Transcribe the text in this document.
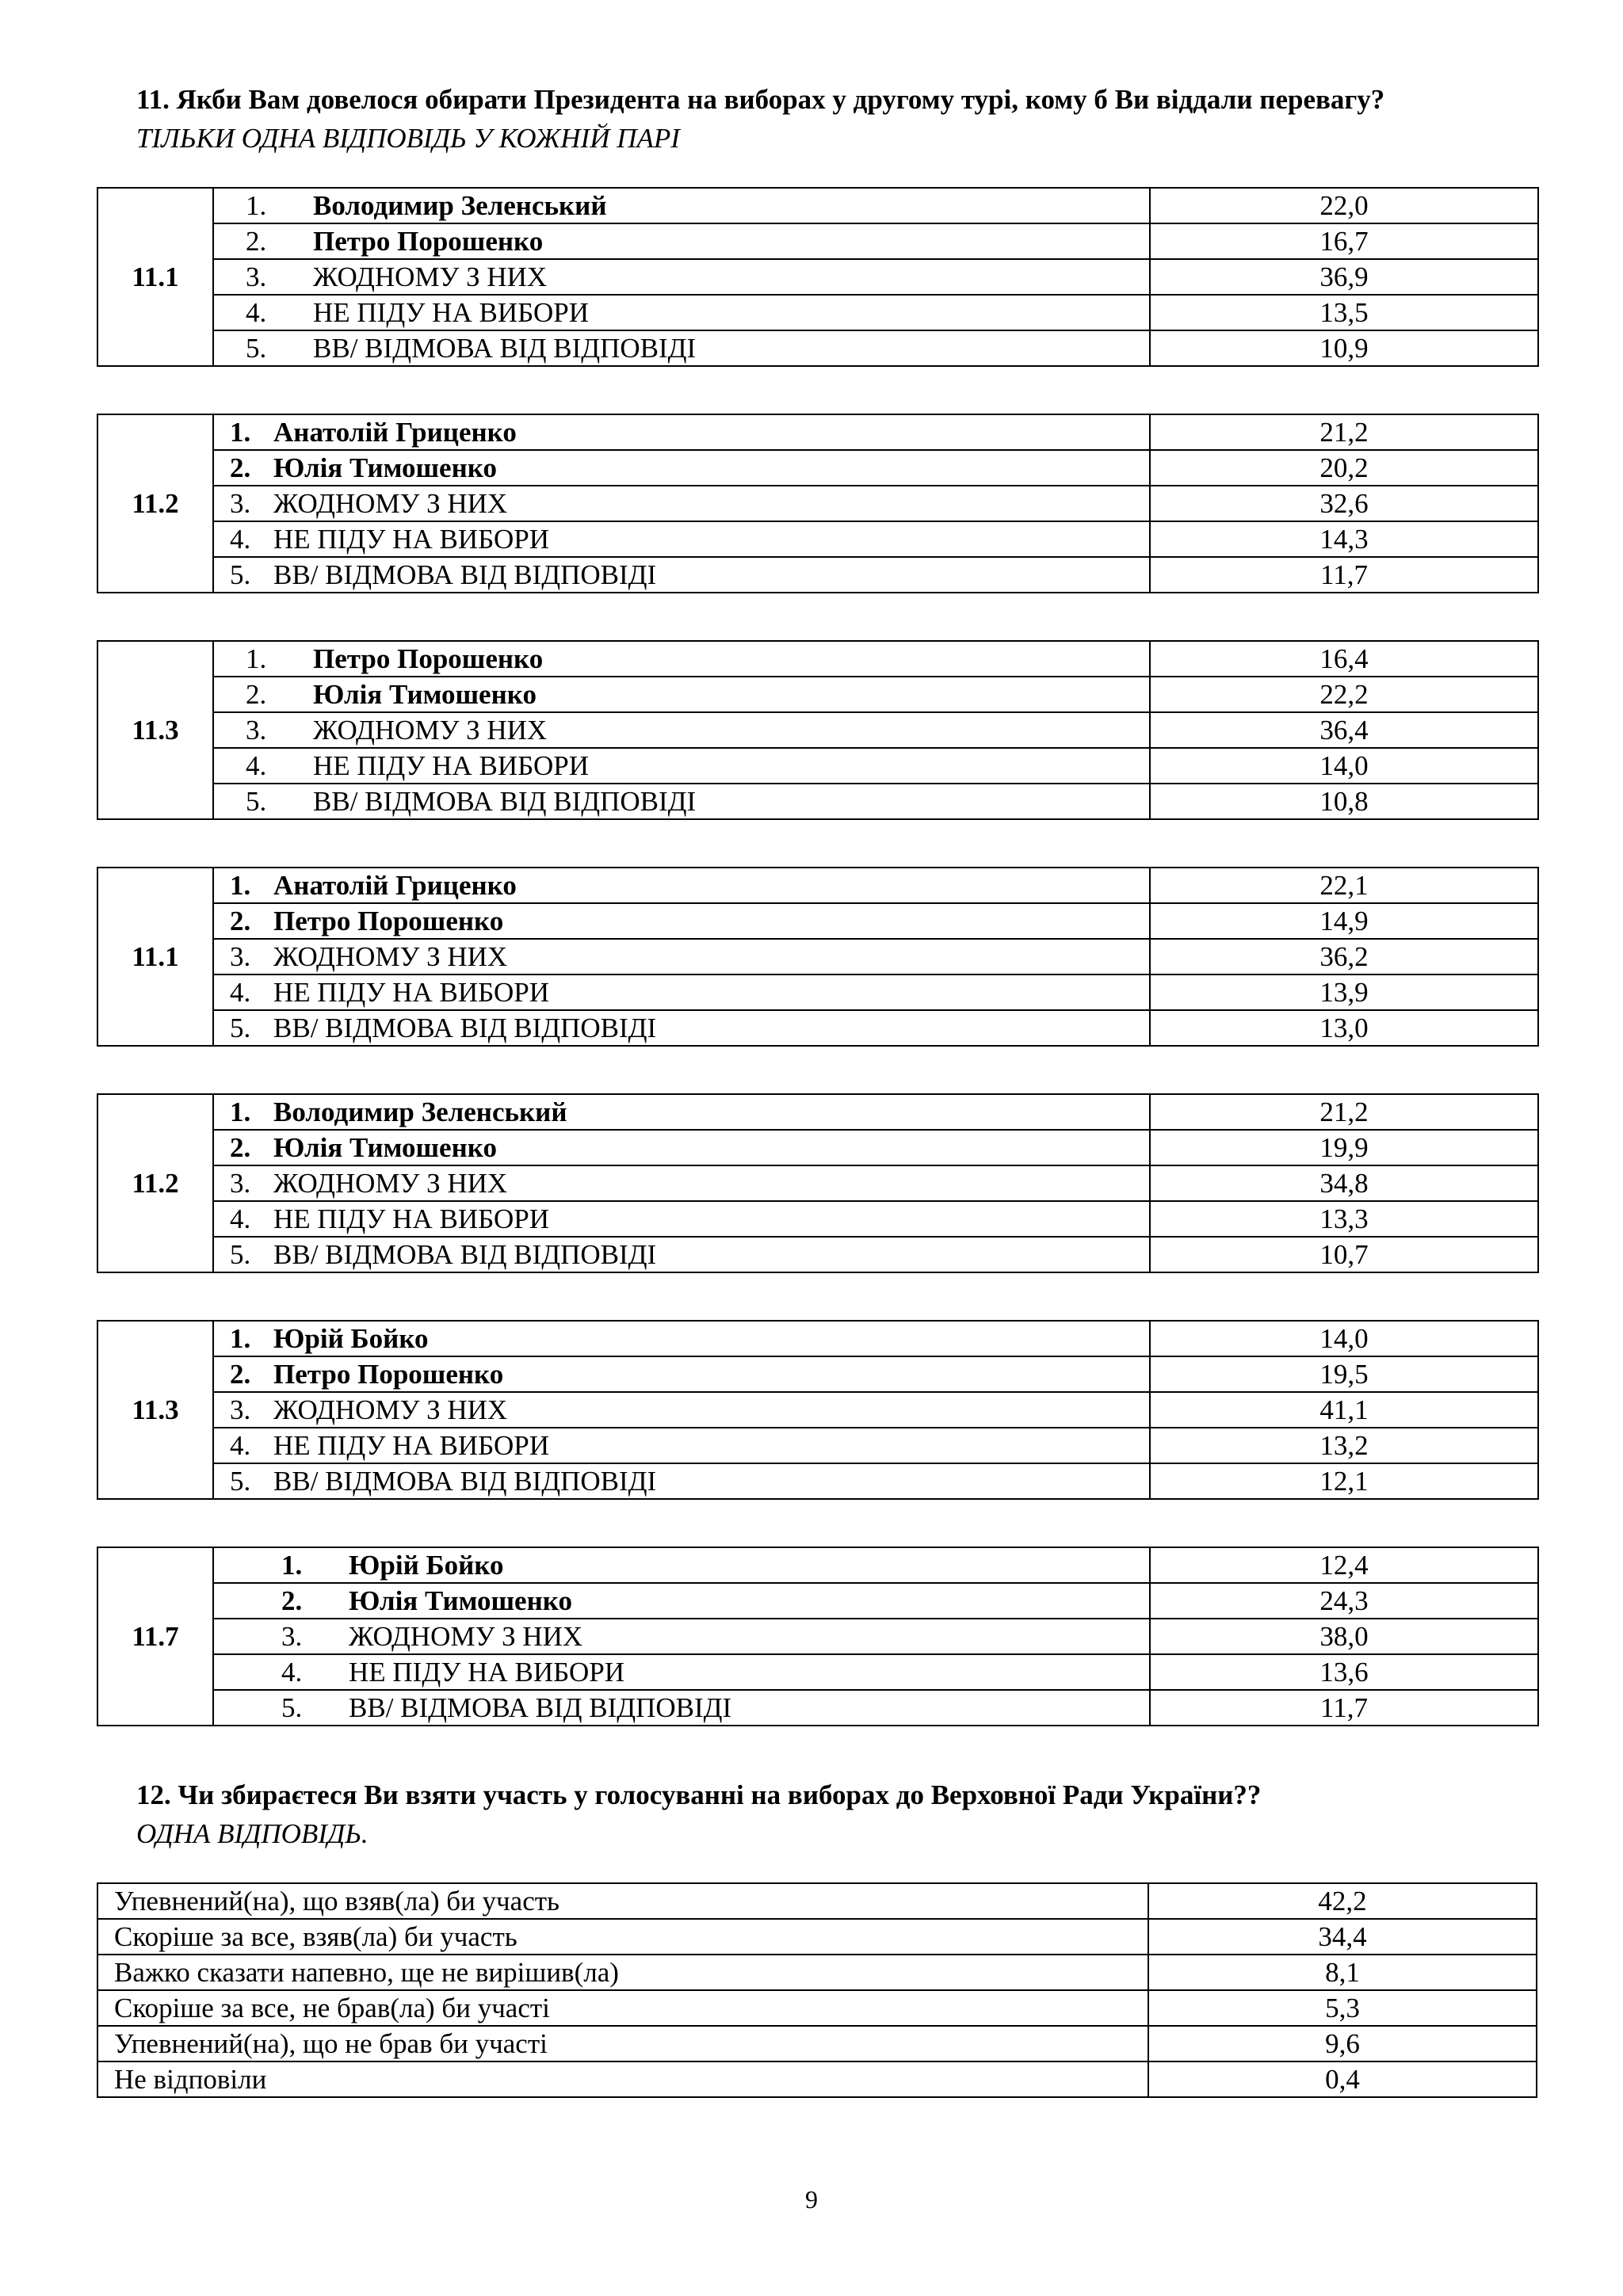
11. Якби Вам довелося обирати Президента на виборах у другому турі, кому б Ви віддали перевагу?
ТІЛЬКИ ОДНА ВІДПОВІДЬ У КОЖНІЙ ПАРІ
11.1	1. Володимир Зеленський	22,0
	2. Петро Порошенко	16,7
	3. ЖОДНОМУ З НИХ	36,9
	4. НЕ ПІДУ НА ВИБОРИ	13,5
	5. ВВ/ ВІДМОВА ВІД ВІДПОВІДІ	10,9
11.2	1. Анатолій Гриценко	21,2
	2. Юлія Тимошенко	20,2
	3. ЖОДНОМУ З НИХ	32,6
	4. НЕ ПІДУ НА ВИБОРИ	14,3
	5. ВВ/ ВІДМОВА ВІД ВІДПОВІДІ	11,7
11.3	1. Петро Порошенко	16,4
	2. Юлія Тимошенко	22,2
	3. ЖОДНОМУ З НИХ	36,4
	4. НЕ ПІДУ НА ВИБОРИ	14,0
	5. ВВ/ ВІДМОВА ВІД ВІДПОВІДІ	10,8
11.1	1. Анатолій Гриценко	22,1
	2. Петро Порошенко	14,9
	3. ЖОДНОМУ З НИХ	36,2
	4. НЕ ПІДУ НА ВИБОРИ	13,9
	5. ВВ/ ВІДМОВА ВІД ВІДПОВІДІ	13,0
11.2	1. Володимир Зеленський	21,2
	2. Юлія Тимошенко	19,9
	3. ЖОДНОМУ З НИХ	34,8
	4. НЕ ПІДУ НА ВИБОРИ	13,3
	5. ВВ/ ВІДМОВА ВІД ВІДПОВІДІ	10,7
11.3	1. Юрій Бойко	14,0
	2. Петро Порошенко	19,5
	3. ЖОДНОМУ З НИХ	41,1
	4. НЕ ПІДУ НА ВИБОРИ	13,2
	5. ВВ/ ВІДМОВА ВІД ВІДПОВІДІ	12,1
11.7	1. Юрій Бойко	12,4
	2. Юлія Тимошенко	24,3
	3. ЖОДНОМУ З НИХ	38,0
	4. НЕ ПІДУ НА ВИБОРИ	13,6
	5. ВВ/ ВІДМОВА ВІД ВІДПОВІДІ	11,7
12. Чи збираєтеся Ви взяти участь у голосуванні на виборах до Верховної Ради України??
ОДНА ВІДПОВІДЬ.
Упевнений(на), що взяв(ла) би участь	42,2
Скоріше за все, взяв(ла) би участь	34,4
Важко сказати напевно, ще не вирішив(ла)	8,1
Скоріше за все, не брав(ла) би участі	5,3
Упевнений(на), що не брав би участі	9,6
Не відповіли	0,4
9
